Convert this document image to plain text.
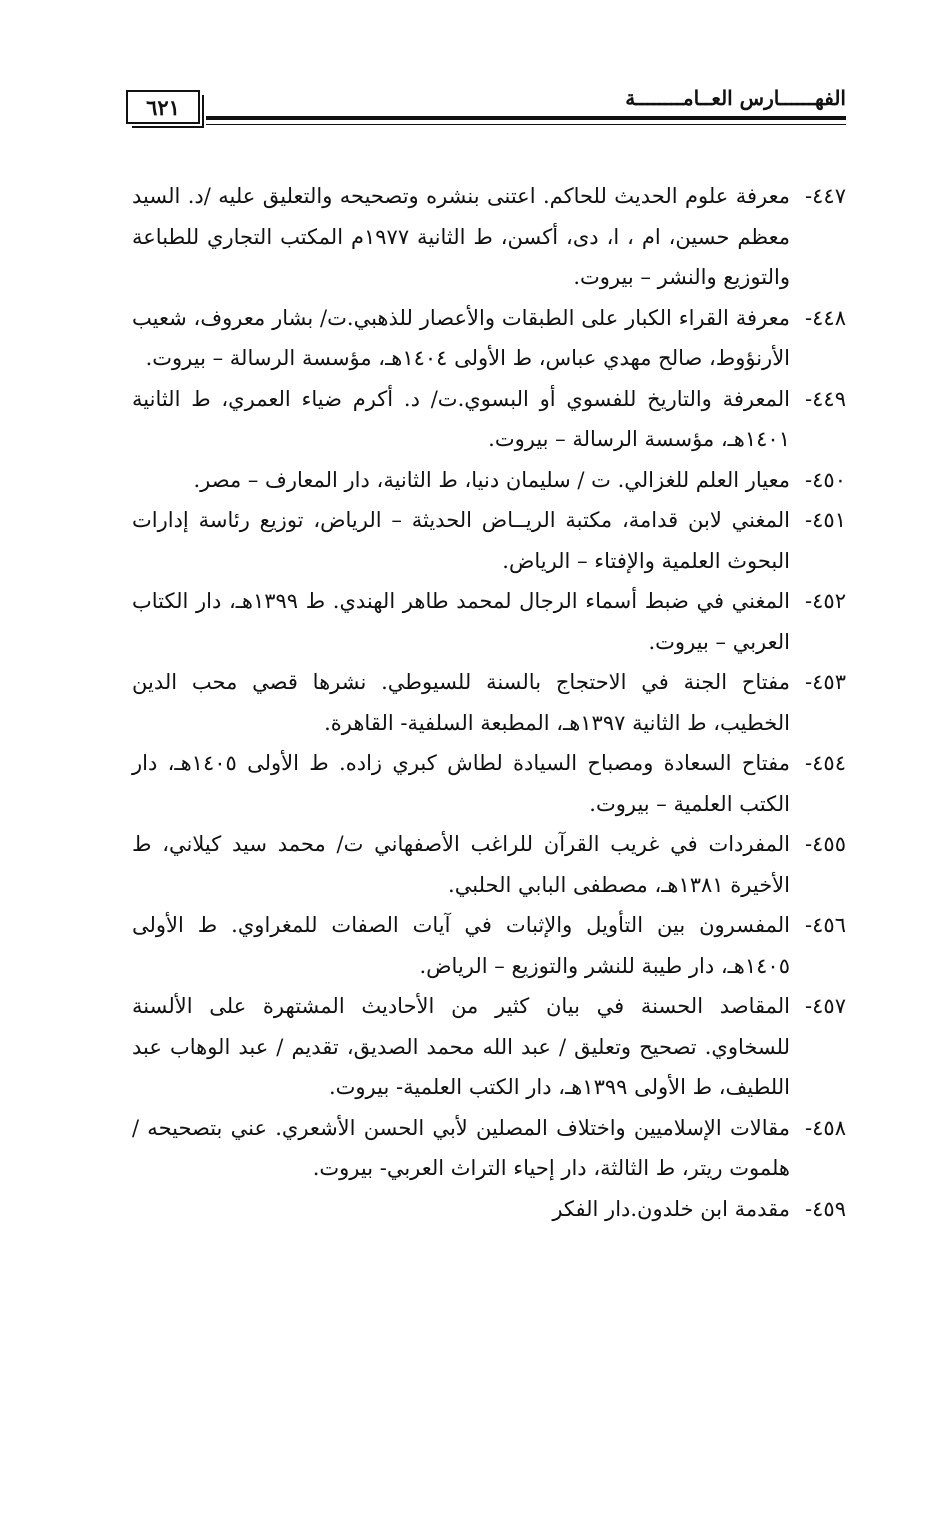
٦٢١	الفهــــــارس العــامــــــــة

٤٤٧-
معرفة علوم الحديث للحاكم. اعتنى بنشره وتصحيحه والتعليق عليه /د. السيد معظم حسين، ام ، ا، دى، أكسن، ط الثانية ١٩٧٧م المكتب التجاري للطباعة والتوزيع والنشر – بيروت.

٤٤٨-
معرفة القراء الكبار على الطبقات والأعصار للذهبي.ت/ بشار معروف، شعيب الأرنؤوط، صالح مهدي عباس، ط الأولى ١٤٠٤هـ، مؤسسة الرسالة – بيروت.

٤٤٩-
المعرفة والتاريخ للفسوي أو البسوي.ت/ د. أكرم ضياء العمري، ط الثانية ١٤٠١هـ، مؤسسة الرسالة – بيروت.

٤٥٠-
معيار العلم للغزالي. ت / سليمان دنيا، ط الثانية، دار المعارف – مصر.

٤٥١-
المغني لابن قدامة، مكتبة الريــاض الحديثة – الرياض، توزيع رئاسة إدارات البحوث العلمية والإفتاء – الرياض.

٤٥٢-
المغني في ضبط أسماء الرجال لمحمد طاهر الهندي. ط ١٣٩٩هـ، دار الكتاب العربي – بيروت.

٤٥٣-
مفتاح الجنة في الاحتجاج بالسنة للسيوطي. نشرها قصي محب الدين الخطيب، ط الثانية ١٣٩٧هـ، المطبعة السلفية- القاهرة.

٤٥٤-
مفتاح السعادة ومصباح السيادة لطاش كبري زاده. ط الأولى ١٤٠٥هـ، دار الكتب العلمية – بيروت.

٤٥٥-
المفردات في غريب القرآن للراغب الأصفهاني ت/ محمد سيد كيلاني، ط الأخيرة ١٣٨١هـ، مصطفى البابي الحلبي.

٤٥٦-
المفسرون بين التأويل والإثبات في آيات الصفات للمغراوي. ط الأولى ١٤٠٥هـ، دار طيبة للنشر والتوزيع – الرياض.

٤٥٧-
المقاصد الحسنة في بيان كثير من الأحاديث المشتهرة على الألسنة للسخاوي. تصحيح وتعليق / عبد الله محمد الصديق، تقديم / عبد الوهاب عبد اللطيف، ط الأولى ١٣٩٩هـ، دار الكتب العلمية- بيروت.

٤٥٨-
مقالات الإسلاميين واختلاف المصلين لأبي الحسن الأشعري. عني بتصحيحه / هلموت ريتر، ط الثالثة، دار إحياء التراث العربي- بيروت.

٤٥٩-
مقدمة ابن خلدون.دار الفكر
